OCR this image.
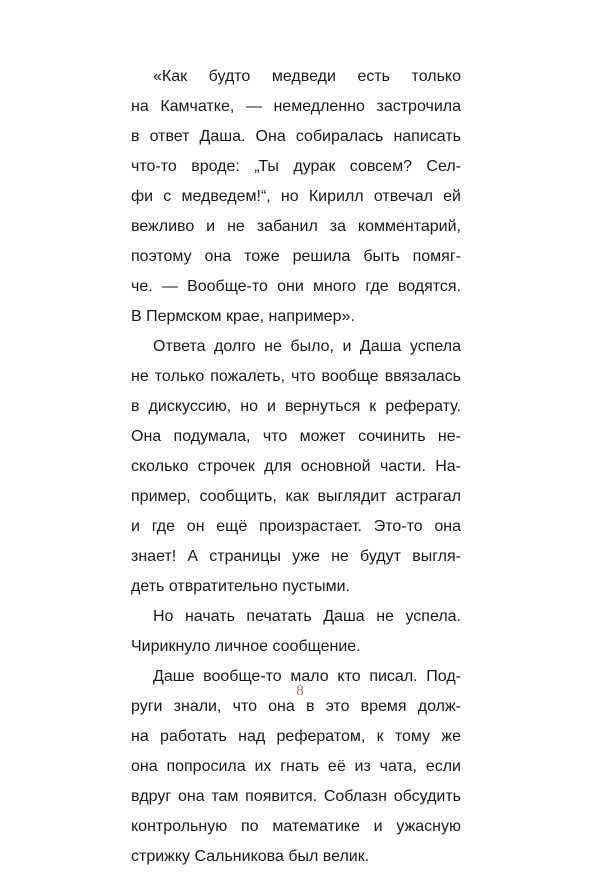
«Как будто медведи есть только
на Камчатке, — немедленно застрочила
в ответ Даша. Она собиралась написать
что-то вроде: „Ты дурак совсем? Сел-
фи с медведем!“, но Кирилл отвечал ей
вежливо и не забанил за комментарий,
поэтому она тоже решила быть помяг-
че. — Вообще-то они много где водятся.
В Пермском крае, например».
Ответа долго не было, и Даша успела
не только пожалеть, что вообще ввязалась
в дискуссию, но и вернуться к реферату.
Она подумала, что может сочинить не-
сколько строчек для основной части. На-
пример, сообщить, как выглядит астрагал
и где он ещё произрастает. Это-то она
знает! А страницы уже не будут выгля-
деть отвратительно пустыми.
Но начать печатать Даша не успела.
Чирикнуло личное сообщение.
Даше вообще-то мало кто писал. Под-
руги знали, что она в это время долж-
на работать над рефератом, к тому же
она попросила их гнать её из чата, если
вдруг она там появится. Соблазн обсудить
контрольную по математике и ужасную
стрижку Сальникова был велик.
8
